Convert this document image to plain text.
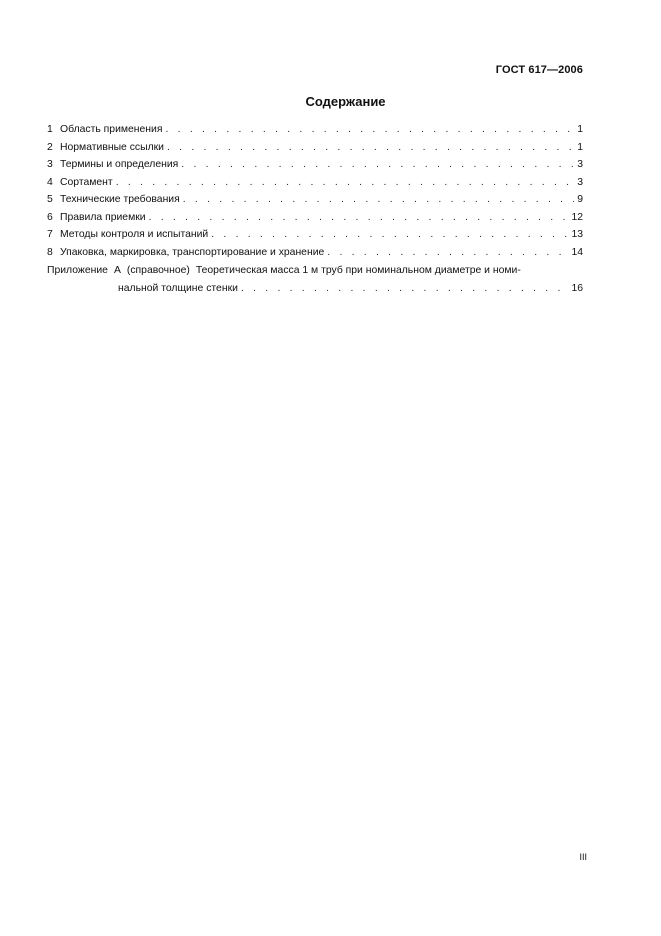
ГОСТ 617—2006
Содержание
1 Область применения . . .	1
2 Нормативные ссылки . . .	1
3 Термины и определения . . .	3
4 Сортамент . . .	3
5 Технические требования . . .	9
6 Правила приемки . . .	12
7 Методы контроля и испытаний . . .	13
8 Упаковка, маркировка, транспортирование и хранение . . .	14
Приложение А (справочное) Теоретическая масса 1 м труб при номинальном диаметре и номи-
нальной толщине стенки . . .	16
III
